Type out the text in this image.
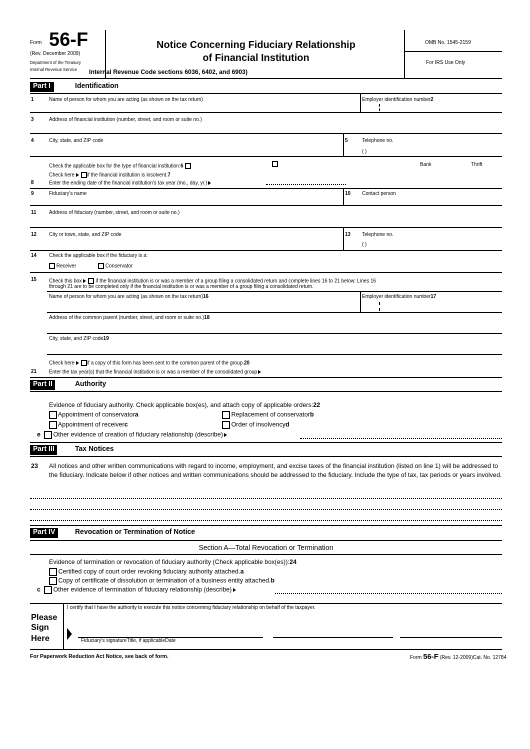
Form 56-F
(Rev. December 2009)
Department of the Treasury
Internal Revenue Service
Notice Concerning Fiduciary Relationship
of Financial Institution
Internal Revenue Code sections 6036, 6402, and 6903)
OMB No. 1545-2159
For IRS Use Only
Part I	Identification
1	Name of person for whom you are acting (as shown on the tax return)	Employer identification number2
3	Address of financial institution (number, street, and room or suite no.)
4	City, state, and ZIP code	5	Telephone no.
( )
Check the applicable box for the type of financial institution:6	Bank	Thrift
Check here if the financial institution is insolvent.7
8	Enter the ending date of the financial institution's tax year (mo., day, yr.)
9	Fiduciary's name	10 Contact person
11	Address of fiduciary (number, street, and room or suite no.)
12 City or town, state, and ZIP code	13 Telephone no.
( )
14 Check the applicable box if the fiduciary is a:
Receiver	Conservator
15 Check this box	if the financial institution is or was a member of a group filing a consolidated return and complete lines 16 to 21 below: Lines 16
through 21 are to be completed only if the financial institution is or was a member of a group filing a consolidated return.
Name of person for whom you are acting (as shown on the tax return)16	Employer identification number17
Address of the common parent (number, street, and room or suite no.)18
City, state, and ZIP code19
Check here if a copy of this form has been sent to the common parent of the group.20
21 Enter the tax year(s) that the financial institution is or was a member of the consolidated group
Part II	Authority
Evidence of fiduciary authority. Check applicable box(es), and attach copy of applicable orders:22
Appointment of conservatora	Replacement of conservatorb
Appointment of receiverc	Order of insolvencyd
e Other evidence of creation of fiduciary relationship (describe)
Part III	Tax Notices
23 All notices and other written communications with regard to income, employment, and excise taxes of the financial institution (listed on line 1) will be addressed to the fiduciary. Indicate below if other notices and written communications should be addressed to the fiduciary. Include the type of tax, tax periods or years involved.
Part IV	Revocation or Termination of Notice
Section A—Total Revocation or Termination
Evidence of termination or revocation of fiduciary authority (Check applicable box(es)):24
Certified copy of court order revoking fiduciary authority attached.a
Copy of certificate of dissolution or termination of a business entity attached.b
c Other evidence of termination of fiduciary relationship (describe)
I certify that I have the authority to execute this notice concerning fiduciary relationship on behalf of the taxpayer.
Please
Sign
Here	Fiduciary's signatureTitle, if applicableDate
For Paperwork Reduction Act Notice, see back of form.	Form 56-F (Rev. 12-2009)Cat. No. 12784
